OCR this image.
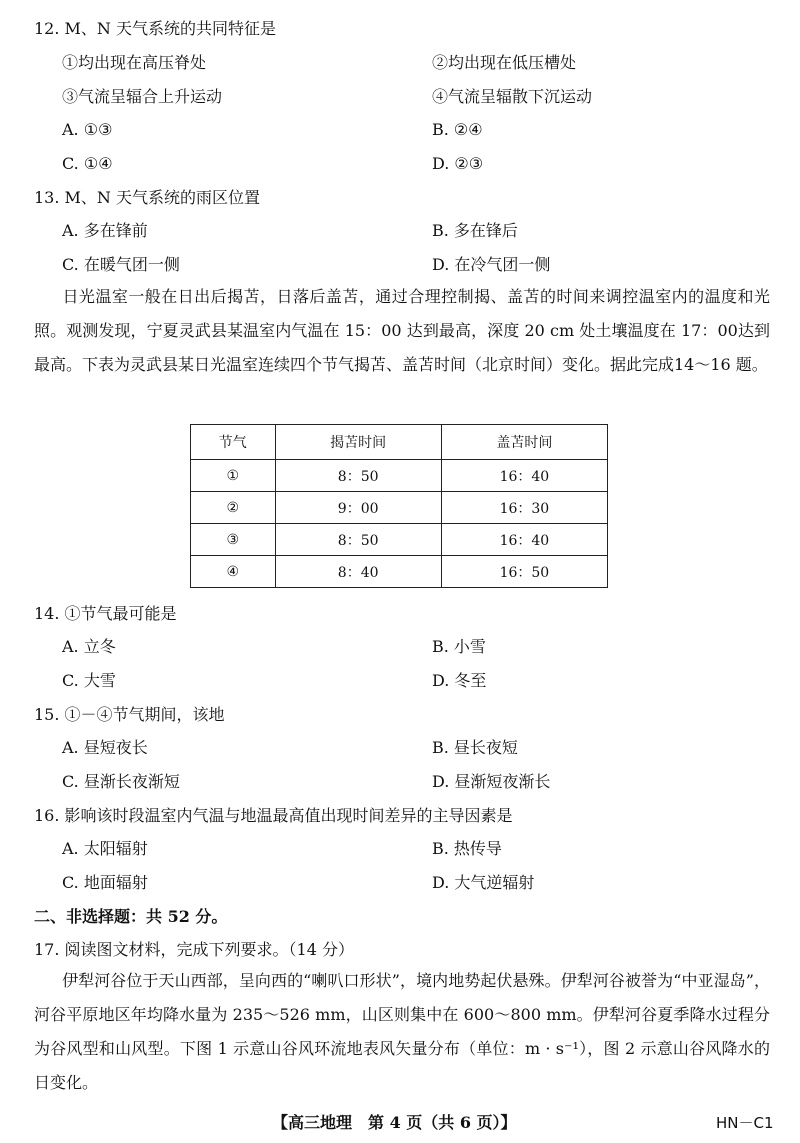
12. M、N 天气系统的共同特征是
①均出现在高压脊处	②均出现在低压槽处
③气流呈辐合上升运动	④气流呈辐散下沉运动
A. ①③	B. ②④
C. ①④	D. ②③
13. M、N 天气系统的雨区位置
A. 多在锋前	B. 多在锋后
C. 在暖气团一侧	D. 在冷气团一侧
日光温室一般在日出后揭苫，日落后盖苫，通过合理控制揭、盖苫的时间来调控温室内的温度和光照。观测发现，宁夏灵武县某温室内气温在 15：00 达到最高，深度 20 cm 处土壤温度在 17：00达到最高。下表为灵武县某日光温室连续四个节气揭苫、盖苫时间（北京时间）变化。据此完成14～16 题。
节气	揭苫时间	盖苫时间
①	8：50	16：40
②	9：00	16：30
③	8：50	16：40
④	8：40	16：50
14. ①节气最可能是
A. 立冬	B. 小雪
C. 大雪	D. 冬至
15. ①－④节气期间，该地
A. 昼短夜长	B. 昼长夜短
C. 昼渐长夜渐短	D. 昼渐短夜渐长
16. 影响该时段温室内气温与地温最高值出现时间差异的主导因素是
A. 太阳辐射	B. 热传导
C. 地面辐射	D. 大气逆辐射
二、非选择题：共 52 分。
17. 阅读图文材料，完成下列要求。（14 分）
伊犁河谷位于天山西部，呈向西的“喇叭口形状”，境内地势起伏悬殊。伊犁河谷被誉为“中亚湿岛”，河谷平原地区年均降水量为 235～526 mm，山区则集中在 600～800 mm。伊犁河谷夏季降水过程分为谷风型和山风型。下图 1 示意山谷风环流地表风矢量分布（单位：m · s⁻¹），图 2 示意山谷风降水的日变化。
【高三地理　第 4 页（共 6 页）】	HN－C1
